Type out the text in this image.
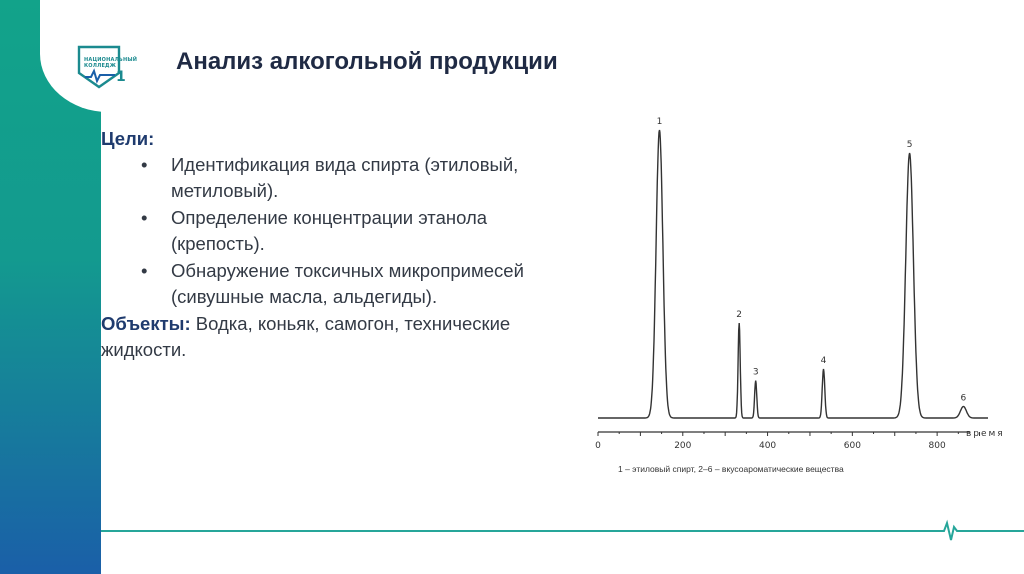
1
НАЦИОНАЛЬНЫЙ КОЛЛЕДЖ	Анализ алкогольной продукции
Цели:
• Идентификация вида спирта (этиловый, метиловый).
• Определение концентрации этанола (крепость).
• Обнаружение токсичных микропримесей (сивушные масла, альдегиды).
Объекты: Водка, коньяк, самогон, технические жидкости.
0	200	400	600	800
1
2
3
4
5
6
время
1 – этиловый спирт, 2–6 – вкусоароматические вещества
